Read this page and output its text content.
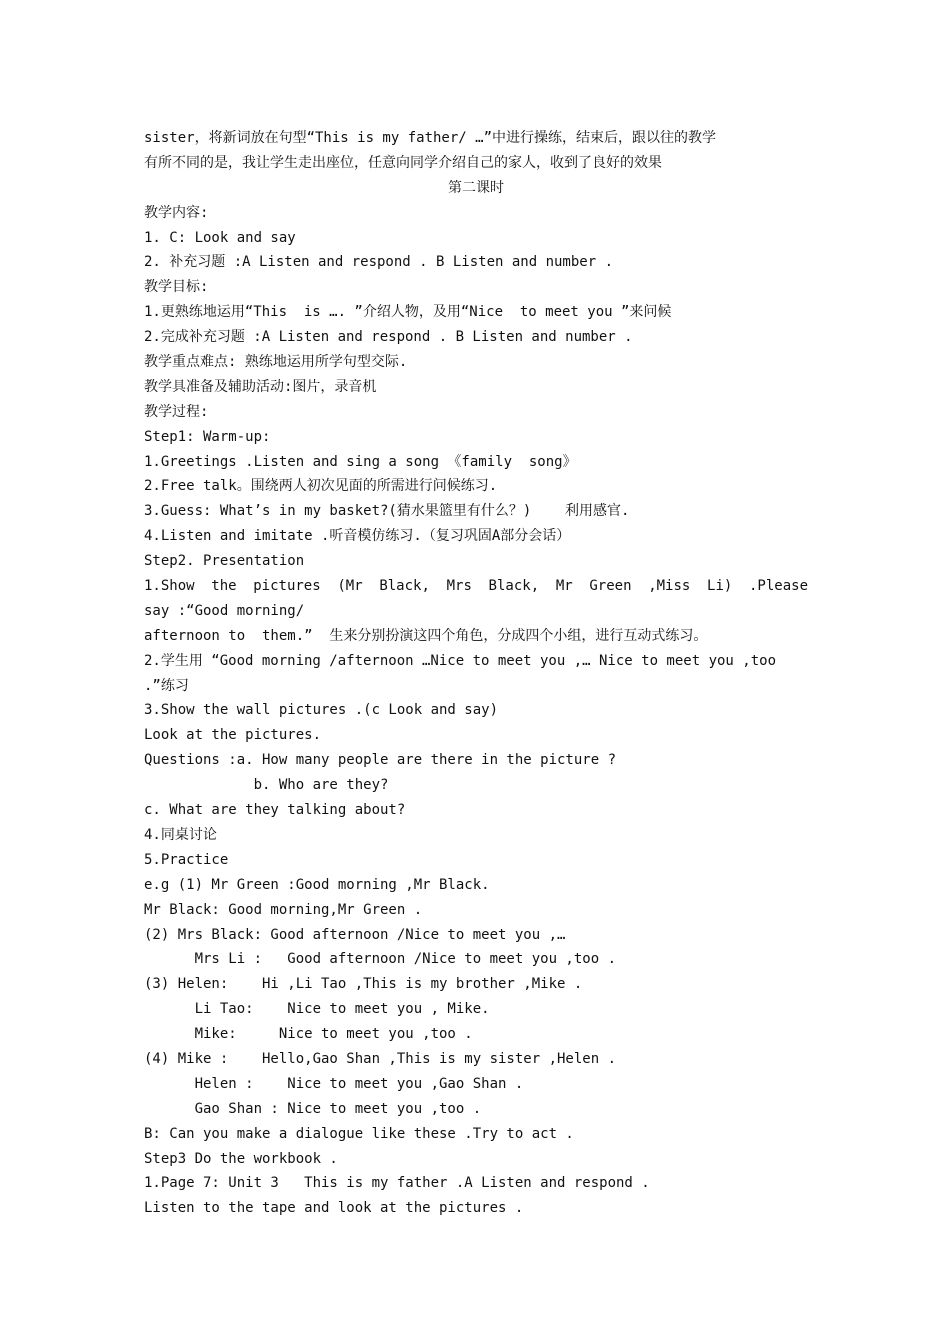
sister，将新词放在句型“This is my father/ …”中进行操练，结束后，跟以往的教学
有所不同的是，我让学生走出座位，任意向同学介绍自己的家人，收到了良好的效果
第二课时
教学内容:
1. C: Look and say
2. 补充习题 :A Listen and respond . B Listen and number .
教学目标:
1.更熟练地运用“This  is …. ”介绍人物，及用“Nice  to meet you ”来问候
2.完成补充习题 :A Listen and respond . B Listen and number .
教学重点难点: 熟练地运用所学句型交际.
教学具准备及辅助活动:图片，录音机
教学过程:
Step1: Warm-up:
1.Greetings .Listen and sing a song 《family  song》
2.Free talk。围绕两人初次见面的所需进行问候练习.
3.Guess: What’s in my basket?(猜水果篮里有什么？)    利用感官.
4.Listen and imitate .听音模仿练习.（复习巩固A部分会话）
Step2. Presentation
1.Show the pictures (Mr Black, Mrs Black, Mr Green ,Miss Li) .Please
say :“Good morning/
afternoon to  them.”  生来分别扮演这四个角色，分成四个小组，进行互动式练习。
2.学生用 “Good morning /afternoon …Nice to meet you ,… Nice to meet you ,too
.”练习
3.Show the wall pictures .(c Look and say)
Look at the pictures.
Questions :a. How many people are there in the picture ?
b. Who are they?
c. What are they talking about?
4.同桌讨论
5.Practice
e.g (1) Mr Green :Good morning ,Mr Black.
Mr Black: Good morning,Mr Green .
(2) Mrs Black: Good afternoon /Nice to meet you ,…
Mrs Li :   Good afternoon /Nice to meet you ,too .
(3) Helen:    Hi ,Li Tao ,This is my brother ,Mike .
Li Tao:    Nice to meet you , Mike.
Mike:     Nice to meet you ,too .
(4) Mike :    Hello,Gao Shan ,This is my sister ,Helen .
Helen :    Nice to meet you ,Gao Shan .
Gao Shan : Nice to meet you ,too .
B: Can you make a dialogue like these .Try to act .
Step3 Do the workbook .
1.Page 7: Unit 3   This is my father .A Listen and respond .
Listen to the tape and look at the pictures .
